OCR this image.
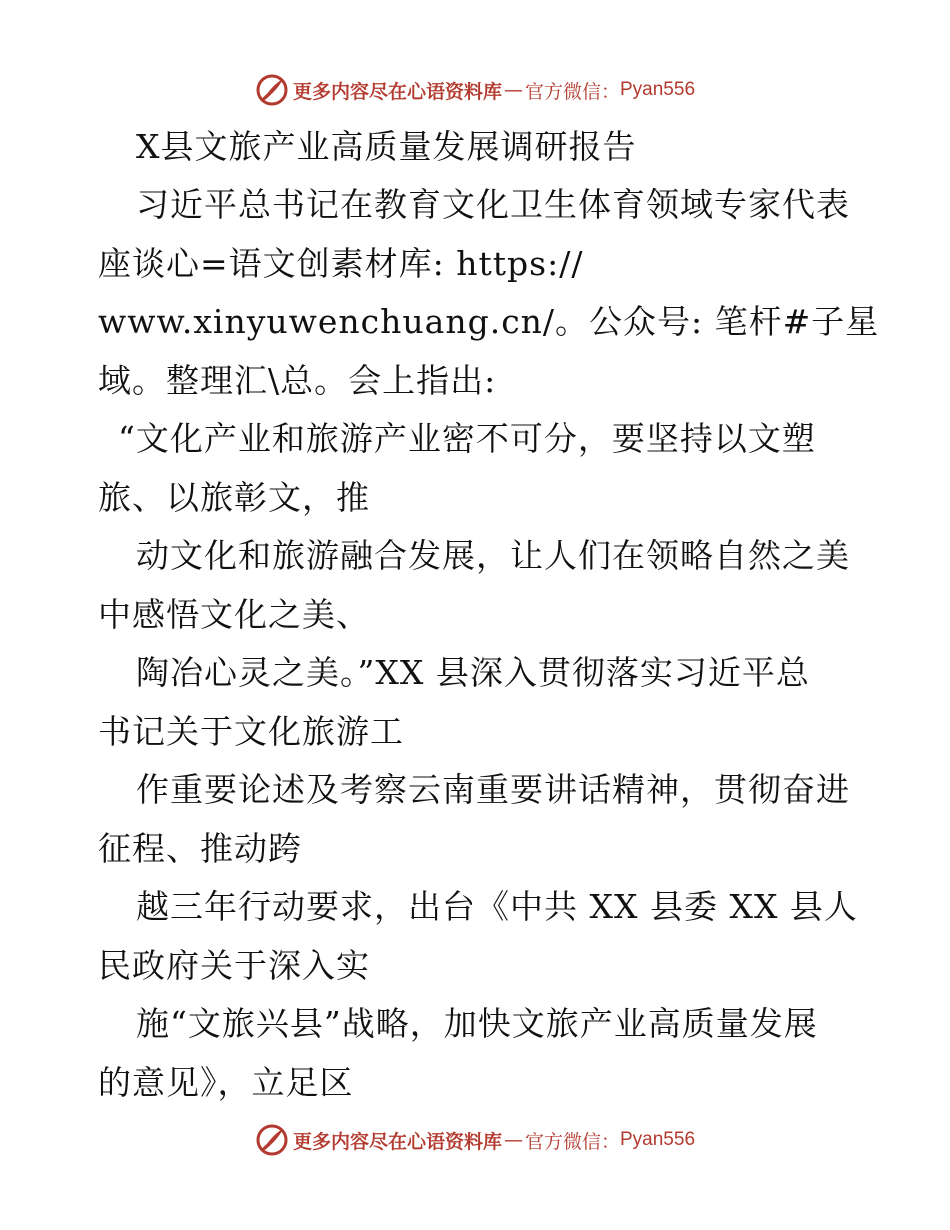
更多内容尽在心语资料库 — 官方微信： Pyan556
X县文旅产业高质量发展调研报告
习近平总书记在教育文化卫生体育领域专家代表
座谈心=语文创素材库: https://
www.xinyuwenchuang.cn/。公众号: 笔杆#子星
域。整理汇\总。会上指出:
“文化产业和旅游产业密不可分，要坚持以文塑
旅、以旅彰文，推
动文化和旅游融合发展，让人们在领略自然之美
中感悟文化之美、
陶冶心灵之美。”XX 县深入贯彻落实习近平总
书记关于文化旅游工
作重要论述及考察云南重要讲话精神，贯彻奋进
征程、推动跨
越三年行动要求，出台《中共 XX 县委 XX 县人
民政府关于深入实
施“文旅兴县”战略，加快文旅产业高质量发展
的意见》，立足区
更多内容尽在心语资料库 — 官方微信： Pyan556
